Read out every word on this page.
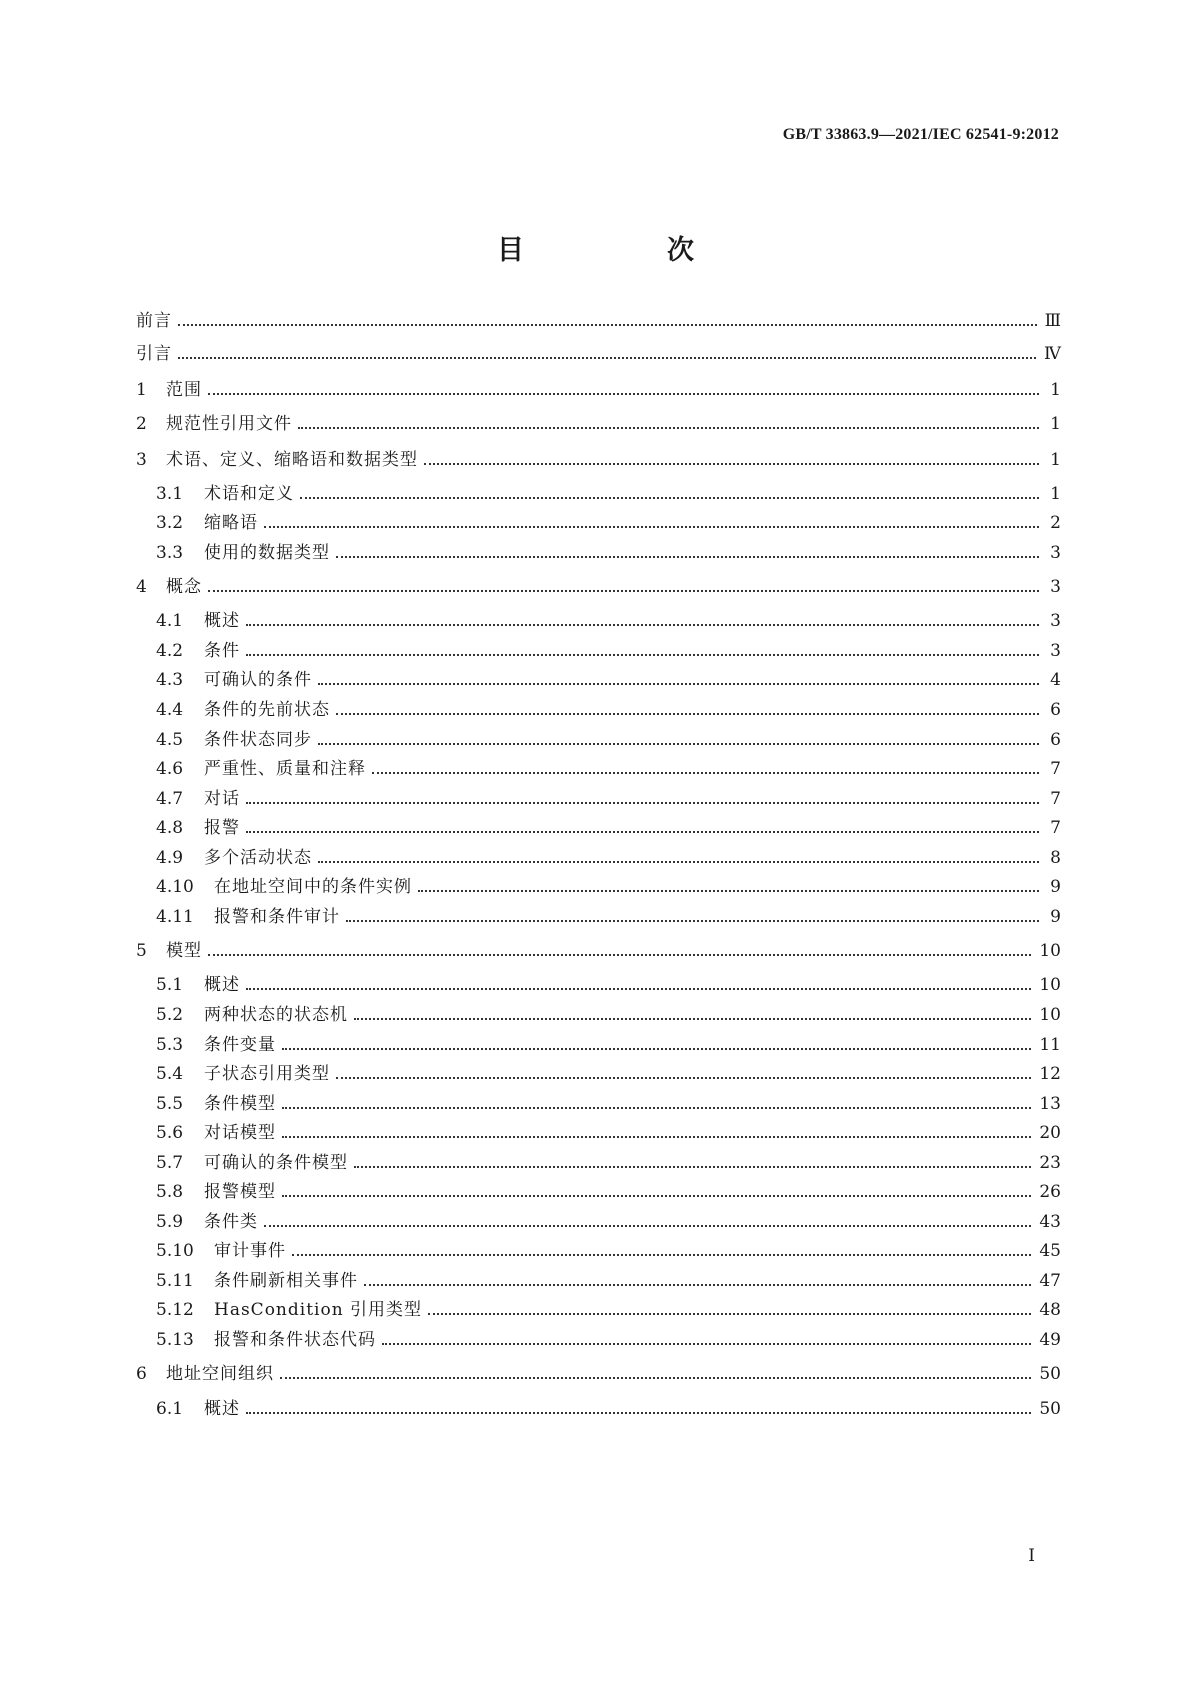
GB/T 33863.9—2021/IEC 62541-9:2012
目　次
前言	Ⅲ
引言	Ⅳ
1	范围	1
2	规范性引用文件	1
3	术语、定义、缩略语和数据类型	1
3.1	术语和定义	1
3.2	缩略语	2
3.3	使用的数据类型	3
4	概念	3
4.1	概述	3
4.2	条件	3
4.3	可确认的条件	4
4.4	条件的先前状态	6
4.5	条件状态同步	6
4.6	严重性、质量和注释	7
4.7	对话	7
4.8	报警	7
4.9	多个活动状态	8
4.10	在地址空间中的条件实例	9
4.11	报警和条件审计	9
5	模型	10
5.1	概述	10
5.2	两种状态的状态机	10
5.3	条件变量	11
5.4	子状态引用类型	12
5.5	条件模型	13
5.6	对话模型	20
5.7	可确认的条件模型	23
5.8	报警模型	26
5.9	条件类	43
5.10	审计事件	45
5.11	条件刷新相关事件	47
5.12	HasCondition 引用类型	48
5.13	报警和条件状态代码	49
6	地址空间组织	50
6.1	概述	50
I
